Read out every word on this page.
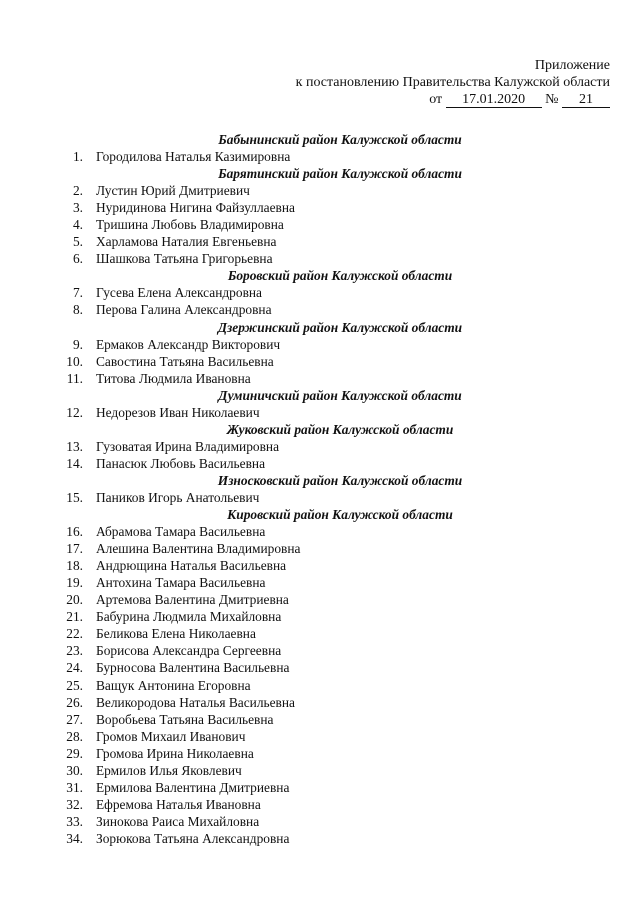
Приложение
к постановлению Правительства Калужской области
от 17.01.2020 № 21
Бабынинский район Калужской области
1. Городилова Наталья Казимировна
Барятинский район Калужской области
2. Лустин Юрий Дмитриевич
3. Нуридинова Нигина Файзуллаевна
4. Тришина Любовь Владимировна
5. Харламова Наталия Евгеньевна
6. Шашкова Татьяна Григорьевна
Боровский район Калужской области
7. Гусева Елена Александровна
8. Перова Галина Александровна
Дзержинский район Калужской области
9. Ермаков Александр Викторович
10. Савостина Татьяна Васильевна
11. Титова Людмила Ивановна
Думиничский район Калужской области
12. Недорезов Иван Николаевич
Жуковский район Калужской области
13. Гузоватая Ирина Владимировна
14. Панасюк Любовь Васильевна
Износковский район Калужской области
15. Паников Игорь Анатольевич
Кировский район Калужской области
16. Абрамова Тамара Васильевна
17. Алешина Валентина Владимировна
18. Андрющина Наталья Васильевна
19. Антохина Тамара Васильевна
20. Артемова Валентина Дмитриевна
21. Бабурина Людмила Михайловна
22. Беликова Елена Николаевна
23. Борисова Александра Сергеевна
24. Бурносова Валентина Васильевна
25. Ващук Антонина Егоровна
26. Великородова Наталья Васильевна
27. Воробьева Татьяна Васильевна
28. Громов Михаил Иванович
29. Громова Ирина Николаевна
30. Ермилов Илья Яковлевич
31. Ермилова Валентина Дмитриевна
32. Ефремова Наталья Ивановна
33. Зинокова Раиса Михайловна
34. Зорюкова Татьяна Александровна
